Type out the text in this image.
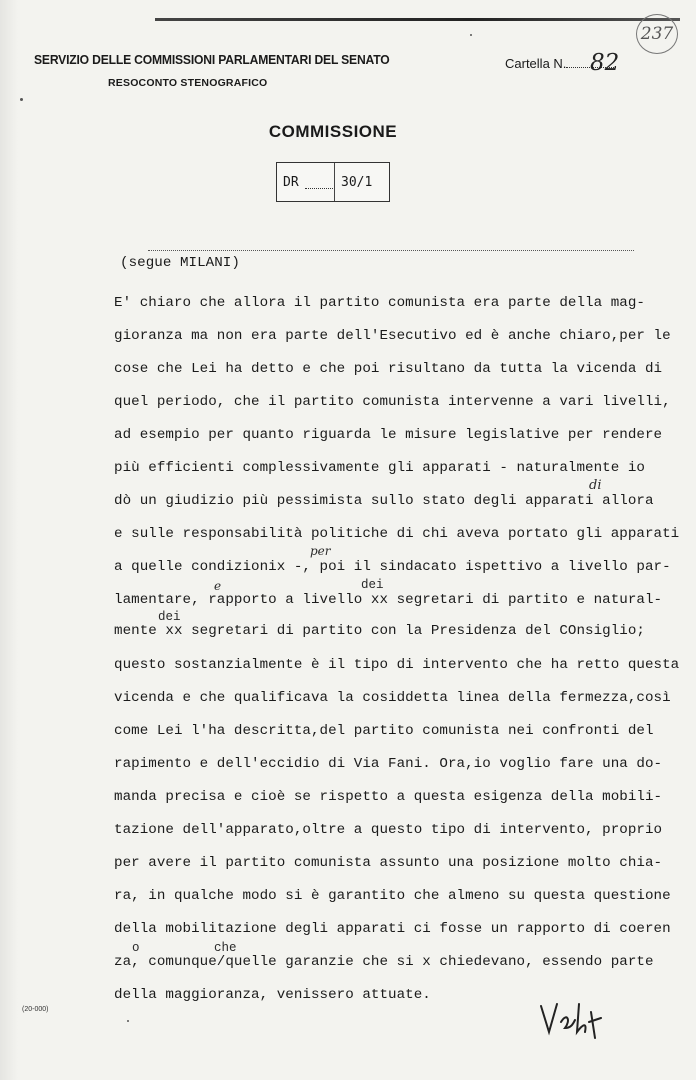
SERVIZIO DELLE COMMISSIONI PARLAMENTARI DEL SENATO
RESOCONTO STENOGRAFICO
Cartella N.	82
237
COMMISSIONE
DR	30/1
(segue MILANI)
E' chiaro che allora il partito comunista era parte della mag-
gioranza ma non era parte dell'Esecutivo ed è anche chiaro,per le
cose che Lei ha detto e che poi risultano da tutta la vicenda di
quel periodo, che il partito comunista intervenne a vari livelli,
ad esempio per quanto riguarda le misure legislative per rendere
più efficienti complessivamente gli apparati - naturalmente io
dò un giudizio più pessimista sullo stato degli apparati allora
e sulle responsabilità politiche di chi aveva portato gli apparati
a quelle condizionix -, poi il sindacato ispettivo a livello par-
lamentare, rapporto a livello xx segretari di partito e natural-
mente xx segretari di partito con la Presidenza del COnsiglio;
questo sostanzialmente è il tipo di intervento che ha retto questa
vicenda e che qualificava la cosiddetta linea della fermezza,così
come Lei l'ha descritta,del partito comunista nei confronti del
rapimento e dell'eccidio di Via Fani. Ora,io voglio fare una do-
manda precisa e cioè se rispetto a questa esigenza della mobili-
tazione dell'apparato,oltre a questo tipo di intervento, proprio
per avere il partito comunista assunto una posizione molto chia-
ra, in qualche modo si è garantito che almeno su questa questione
della mobilitazione degli apparati ci fosse un rapporto di coeren
za, comunque/quelle garanzie che si x chiedevano, essendo parte
della maggioranza, venissero attuate.
di
per
dei
e
dei
o	che
(20-000)
